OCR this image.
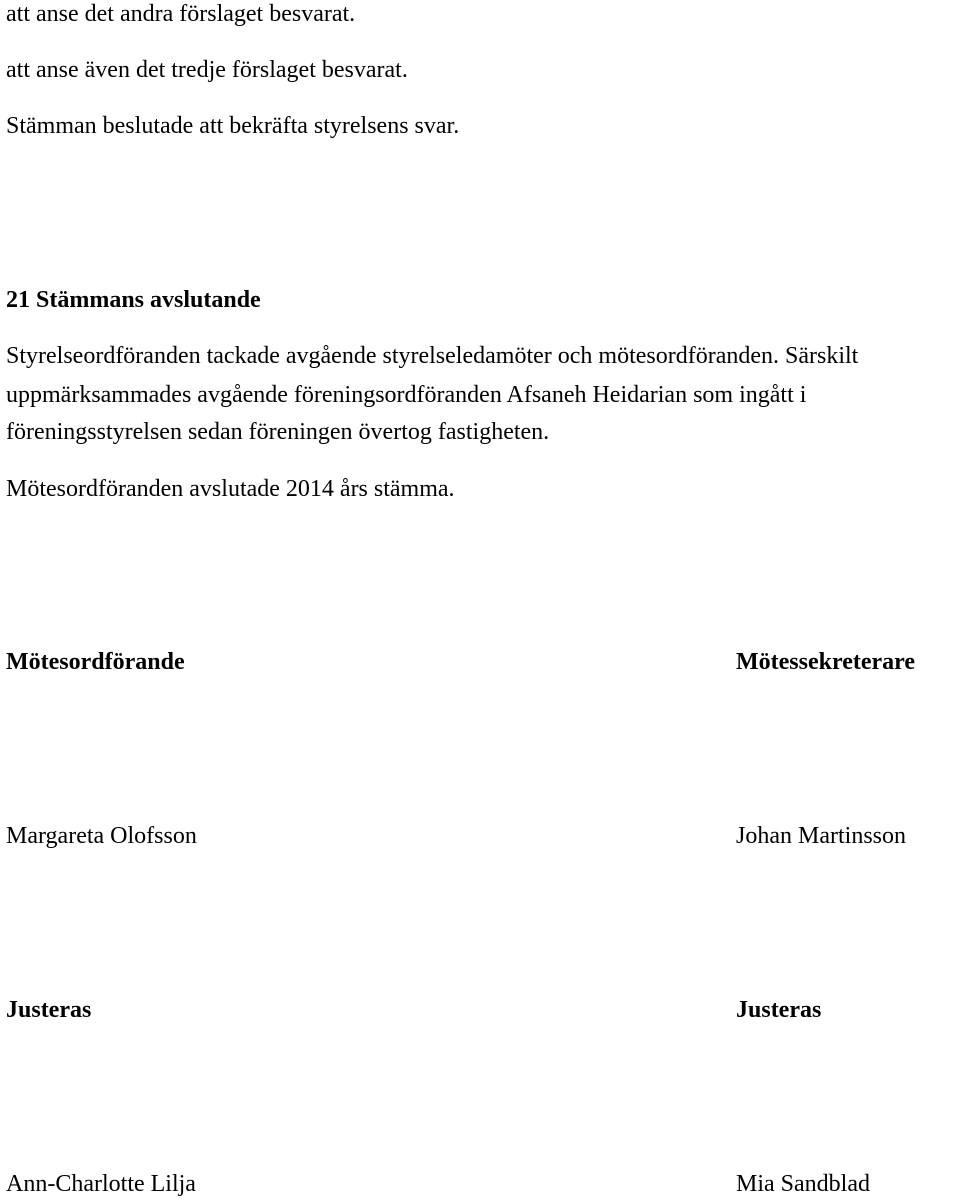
att anse det andra förslaget besvarat.
att anse även det tredje förslaget besvarat.
Stämman beslutade att bekräfta styrelsens svar.
21 Stämmans avslutande
Styrelseordföranden tackade avgående styrelseledamöter och mötesordföranden. Särskilt
uppmärksammades avgående föreningsordföranden Afsaneh Heidarian som ingått i
föreningsstyrelsen sedan föreningen övertog fastigheten.
Mötesordföranden avslutade 2014 års stämma.
Mötesordförande	Mötessekreterare
Margareta Olofsson	Johan Martinsson
Justeras	Justeras
Ann-Charlotte Lilja	Mia Sandblad
